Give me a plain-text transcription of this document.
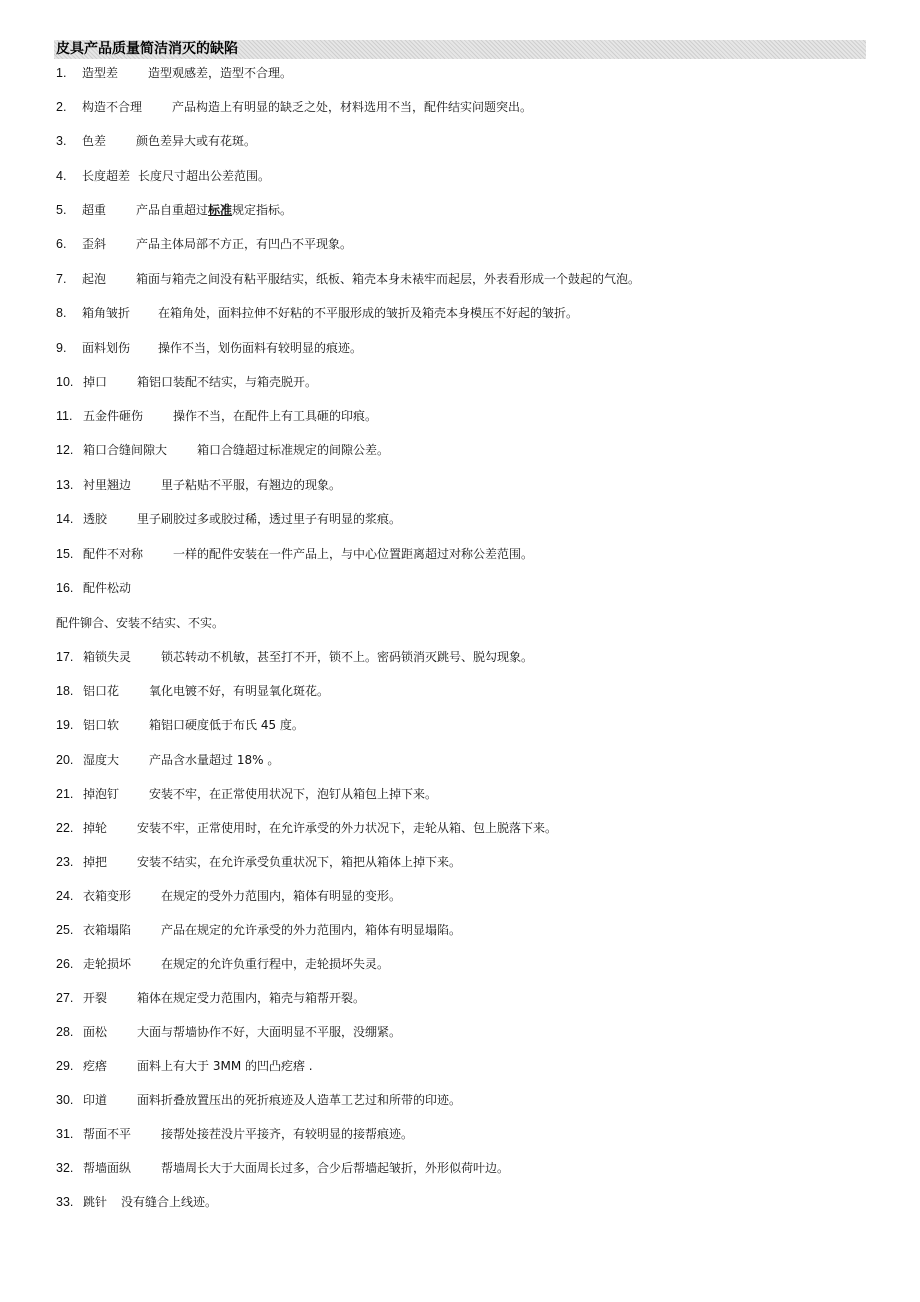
皮具产品质量简洁消灭的缺陷
1. 造型差	造型观感差，造型不合理。
2. 构造不合理	产品构造上有明显的缺乏之处，材料选用不当，配件结实问题突出。
3. 色差	颜色差异大或有花斑。
4. 长度超差 长度尺寸超出公差范围。
5. 超重	产品自重超过标准规定指标。
6. 歪斜	产品主体局部不方正，有凹凸不平现象。
7. 起泡	箱面与箱壳之间没有粘平服结实，纸板、箱壳本身未裱牢而起层，外表看形成一个鼓起的气泡。
8. 箱角皱折 在箱角处，面料拉伸不好粘的不平服形成的皱折及箱壳本身模压不好起的皱折。
9. 面料划伤 操作不当，划伤面料有较明显的痕迹。
10. 掉口	箱铝口装配不结实，与箱壳脱开。
11. 五金件砸伤	操作不当，在配件上有工具砸的印痕。
12. 箱口合缝间隙大	箱口合缝超过标准规定的间隙公差。
13. 衬里翘边	里子粘贴不平服，有翘边的现象。
14. 透胶	里子刷胶过多或胶过稀，透过里子有明显的浆痕。
15. 配件不对称	一样的配件安装在一件产品上，与中心位置距离超过对称公差范围。
16. 配件松动
配件铆合、安装不结实、不实。
17. 箱锁失灵	锁芯转动不机敏，甚至打不开，锁不上。密码锁消灭跳号、脱勾现象。
18. 铝口花	氧化电镀不好，有明显氧化斑花。
19. 铝口软	箱铝口硬度低于布氏 45 度。
20. 湿度大	产品含水量超过 18% 。
21. 掉泡钉	安装不牢，在正常使用状况下，泡钉从箱包上掉下来。
22. 掉轮	安装不牢，正常使用时，在允许承受的外力状况下，走轮从箱、包上脱落下来。
23. 掉把	安装不结实，在允许承受负重状况下，箱把从箱体上掉下来。
24. 衣箱变形	在规定的受外力范围内，箱体有明显的变形。
25. 衣箱塌陷	产品在规定的允许承受的外力范围内，箱体有明显塌陷。
26. 走轮损坏	在规定的允许负重行程中，走轮损坏失灵。
27. 开裂	箱体在规定受力范围内，箱壳与箱帮开裂。
28. 面松	大面与帮墙协作不好，大面明显不平服，没绷紧。
29. 疙瘩	面料上有大于 3MM 的凹凸疙瘩 .
30. 印道	面料折叠放置压出的死折痕迹及人造革工艺过和所带的印迹。
31. 帮面不平	接帮处接茬没片平接齐，有较明显的接帮痕迹。
32. 帮墙面纵	帮墙周长大于大面周长过多，合少后帮墙起皱折，外形似荷叶边。
33. 跳针 没有缝合上线迹。
